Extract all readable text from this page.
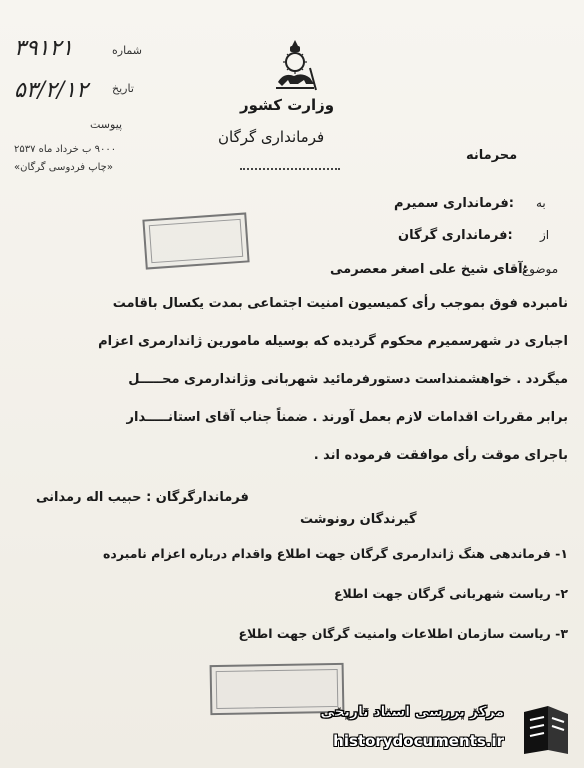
شماره
۳۹۱۲۱
تاریخ
۵۳/۲/۱۲
پیوست
۹۰۰۰ ب خرداد ماه ۲۵۳۷
«چاپ فردوسی گرگان»
وزارت کشور
فرمانداری گرگان
محرمانه
به
:فرمانداری سمیرم
از
:فرمانداری گرگان
موضوع
:آقای شیخ علی اصغر معصرمی
نامبرده فوق بموجب رأی کمیسیون امنیت اجتماعی بمدت یکسال باقامت
اجباری در شهرسمیرم محکوم گردیده که بوسیله مامورین ژاندارمری اعزام
میگردد . خواهشمنداست دستورفرمائید شهربانی وژاندارمری محـــــل
برابر مقررات اقدامات لازم بعمل آورند . ضمناً جناب آقای استانـــــدار
باجرای موقت رأی موافقت فرموده اند .
فرماندارگرگان : حبیب اله رمدانی
گیرندگان رونوشت
۱- فرماندهی هنگ ژاندارمری گرگان جهت اطلاع واقدام درباره اعزام نامبرده
۲- ریاست شهربانی گرگان جهت اطلاع
۳- ریاست سازمان اطلاعات وامنیت گرگان جهت اطلاع
مرکز بررسی اسناد تاریخی
historydocuments.ir
